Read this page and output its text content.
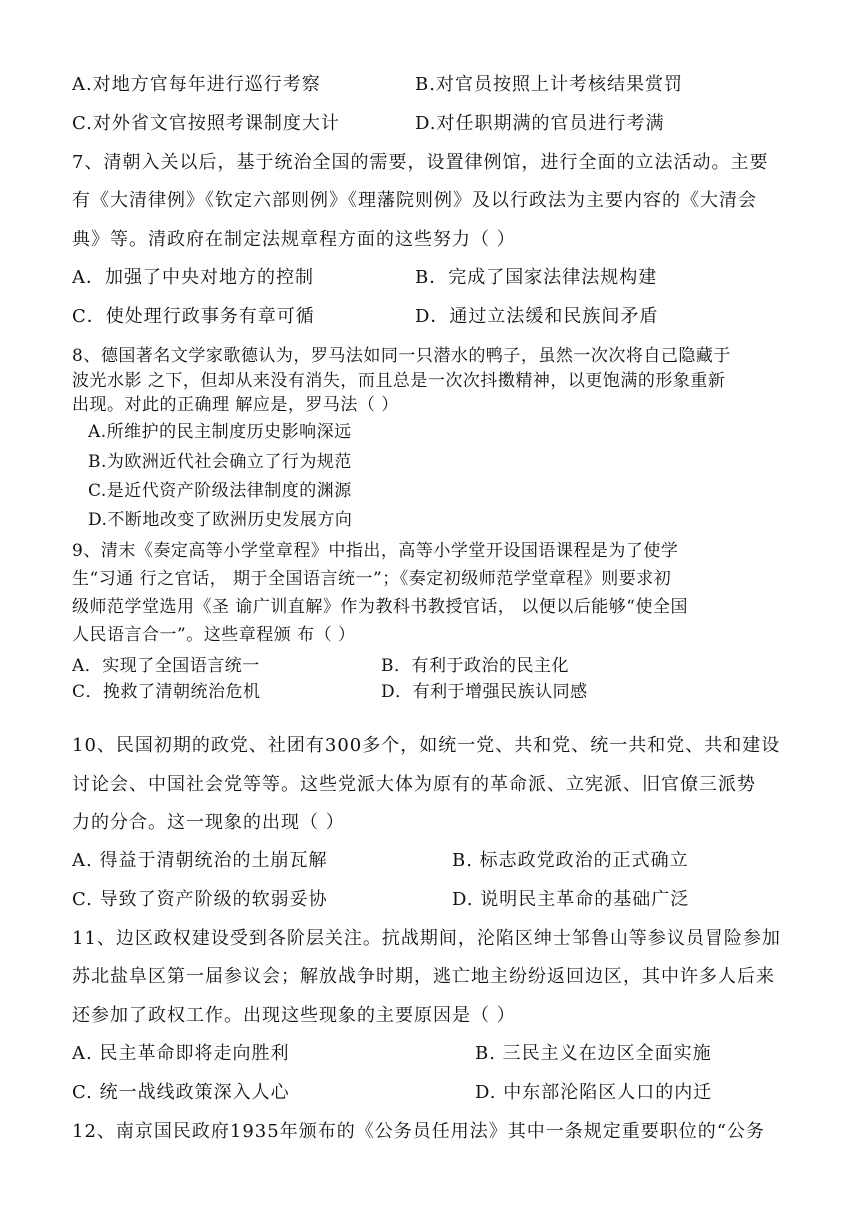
A.对地方官每年进行巡行考察	B.对官员按照上计考核结果赏罚
C.对外省文官按照考课制度大计	D.对任职期满的官员进行考满
7、清朝入关以后，基于统治全国的需要，设置律例馆，进行全面的立法活动。主要
有《大清律例》《钦定六部则例》《理藩院则例》及以行政法为主要内容的《大清会
典》等。清政府在制定法规章程方面的这些努力（ ）
A．加强了中央对地方的控制	B．完成了国家法律法规构建
C．使处理行政事务有章可循	D．通过立法缓和民族间矛盾
8、德国著名文学家歌德认为，罗马法如同一只潜水的鸭子，虽然一次次将自己隐藏于
波光水影 之下，但却从来没有消失，而且总是一次次抖擞精神，以更饱满的形象重新
出现。对此的正确理 解应是，罗马法（ ）
A.所维护的民主制度历史影响深远
B.为欧洲近代社会确立了行为规范
C.是近代资产阶级法律制度的渊源
D.不断地改变了欧洲历史发展方向
9、清末《奏定高等小学堂章程》中指出，高等小学堂开设国语课程是为了使学
生“习通 行之官话， 期于全国语言统一”；《奏定初级师范学堂章程》则要求初
级师范学堂选用《圣 谕广训直解》作为教科书教授官话， 以便以后能够“使全国
人民语言合一”。这些章程颁 布（ ）
A．实现了全国语言统一	B．有利于政治的民主化
C．挽救了清朝统治危机	D．有利于增强民族认同感
10、民国初期的政党、社团有300多个，如统一党、共和党、统一共和党、共和建设
讨论会、中国社会党等等。这些党派大体为原有的革命派、立宪派、旧官僚三派势
力的分合。这一现象的出现（ ）
A. 得益于清朝统治的土崩瓦解	B. 标志政党政治的正式确立
C. 导致了资产阶级的软弱妥协	D. 说明民主革命的基础广泛
11、边区政权建设受到各阶层关注。抗战期间，沦陷区绅士邹鲁山等参议员冒险参加
苏北盐阜区第一届参议会；解放战争时期，逃亡地主纷纷返回边区，其中许多人后来
还参加了政权工作。出现这些现象的主要原因是（ ）
A. 民主革命即将走向胜利	B. 三民主义在边区全面实施
C. 统一战线政策深入人心	D. 中东部沦陷区人口的内迁
12、南京国民政府1935年颁布的《公务员任用法》其中一条规定重要职位的“公务
